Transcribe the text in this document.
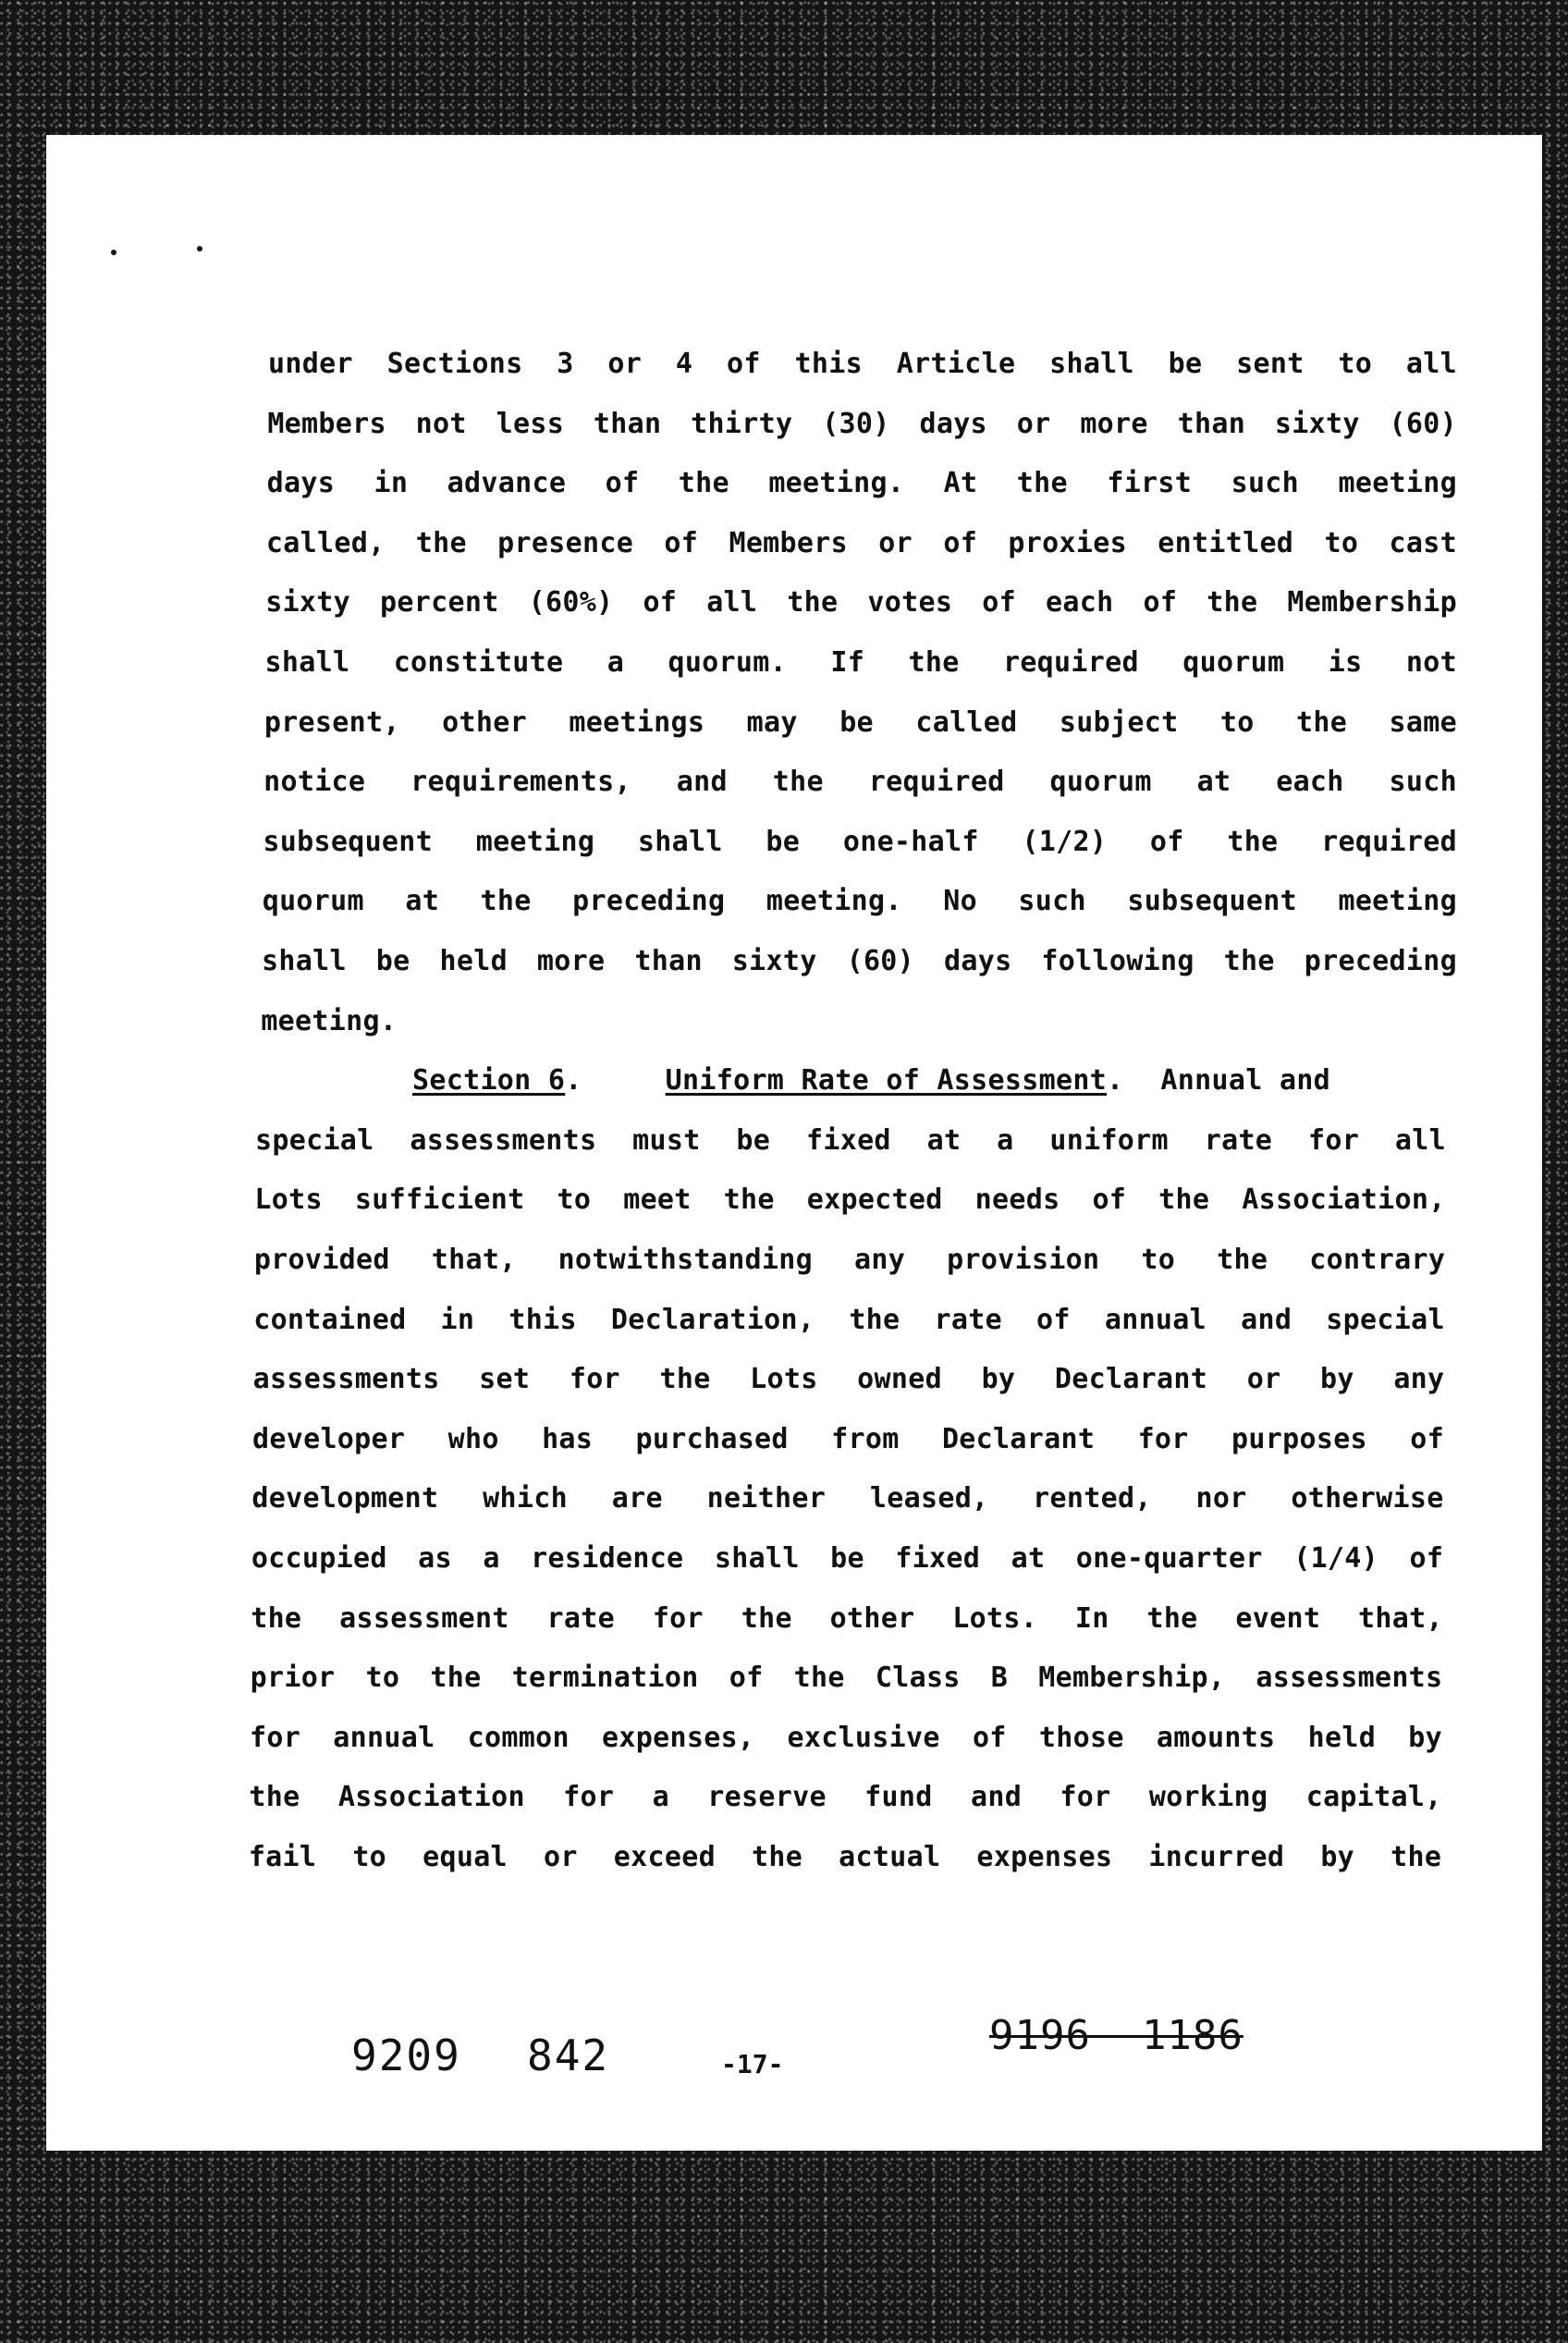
under Sections 3 or 4 of this Article shall be sent to all
Members not less than thirty (30) days or more than sixty (60)
days in advance of the meeting. At the first such meeting
called, the presence of Members or of proxies entitled to cast
sixty percent (60%) of all the votes of each of the Membership
shall constitute a quorum. If the required quorum is not
present, other meetings may be called subject to the same
notice requirements, and the required quorum at each such
subsequent meeting shall be one-half (1/2) of the required
quorum at the preceding meeting. No such subsequent meeting
shall be held more than sixty (60) days following the preceding
meeting.
Section 6.	Uniform Rate of Assessment. Annual and
special assessments must be fixed at a uniform rate for all
Lots sufficient to meet the expected needs of the Association,
provided that, notwithstanding any provision to the contrary
contained in this Declaration, the rate of annual and special
assessments set for the Lots owned by Declarant or by any
developer who has purchased from Declarant for purposes of
development which are neither leased, rented, nor otherwise
occupied as a residence shall be fixed at one-quarter (1/4) of
the assessment rate for the other Lots. In the event that,
prior to the termination of the Class B Membership, assessments
for annual common expenses, exclusive of those amounts held by
the Association for a reserve fund and for working capital,
fail to equal or exceed the actual expenses incurred by the
9209 842	-17-
9196  1186
